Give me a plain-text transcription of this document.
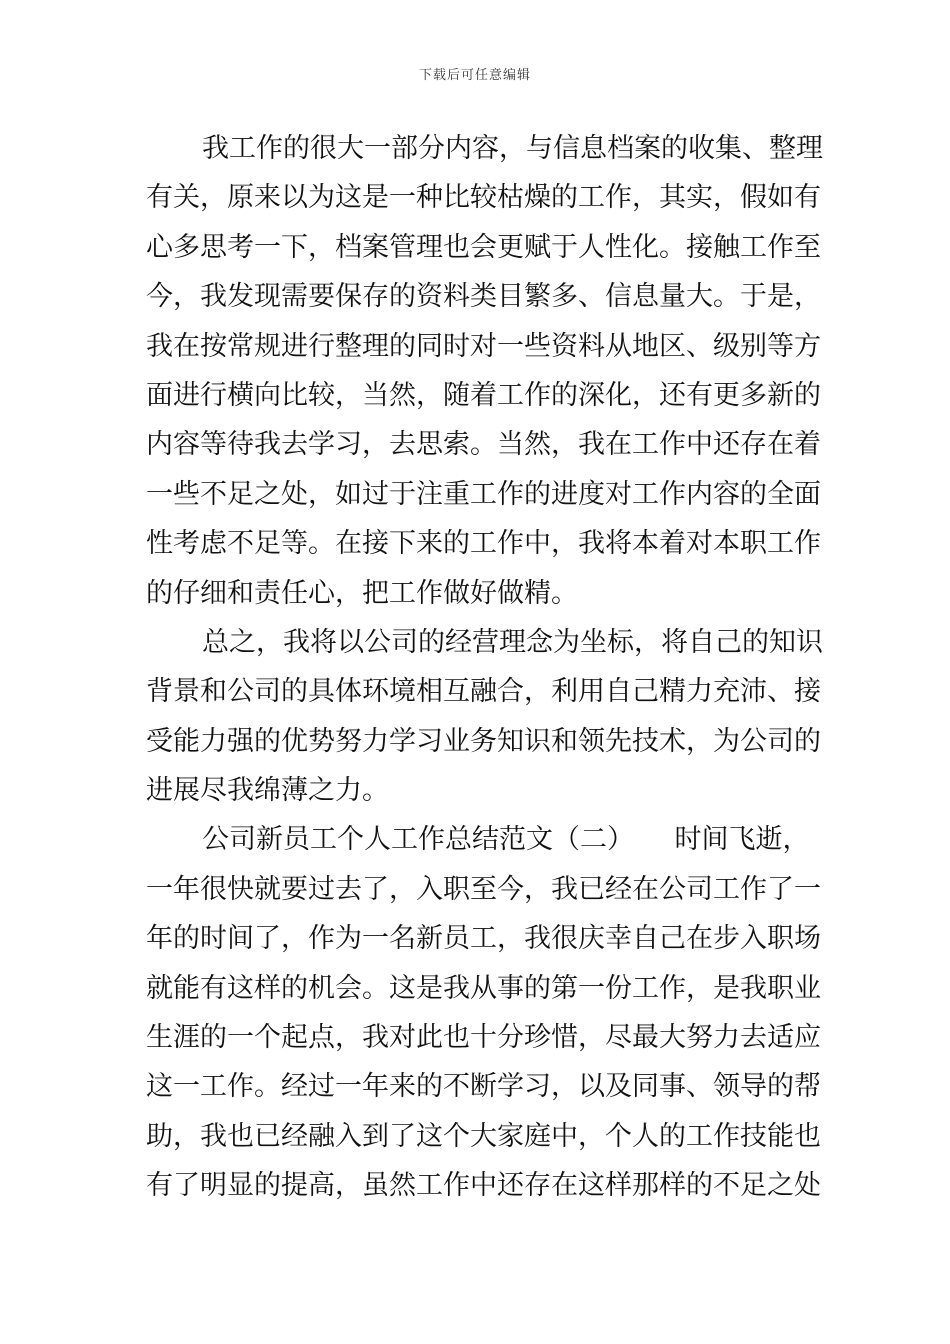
下载后可任意编辑
我工作的很大一部分内容，与信息档案的收集、整理
有关，原来以为这是一种比较枯燥的工作，其实，假如有
心多思考一下，档案管理也会更赋于人性化。接触工作至
今，我发现需要保存的资料类目繁多、信息量大。于是，
我在按常规进行整理的同时对一些资料从地区、级别等方
面进行横向比较，当然，随着工作的深化，还有更多新的
内容等待我去学习，去思索。当然，我在工作中还存在着
一些不足之处，如过于注重工作的进度对工作内容的全面
性考虑不足等。在接下来的工作中，我将本着对本职工作
的仔细和责任心，把工作做好做精。
总之，我将以公司的经营理念为坐标，将自己的知识
背景和公司的具体环境相互融合，利用自己精力充沛、接
受能力强的优势努力学习业务知识和领先技术，为公司的
进展尽我绵薄之力。
公司新员工个人工作总结范文（二）　　时间飞逝，
一年很快就要过去了，入职至今，我已经在公司工作了一
年的时间了，作为一名新员工，我很庆幸自己在步入职场
就能有这样的机会。这是我从事的第一份工作，是我职业
生涯的一个起点，我对此也十分珍惜，尽最大努力去适应
这一工作。经过一年来的不断学习，以及同事、领导的帮
助，我也已经融入到了这个大家庭中，个人的工作技能也
有了明显的提高，虽然工作中还存在这样那样的不足之处
